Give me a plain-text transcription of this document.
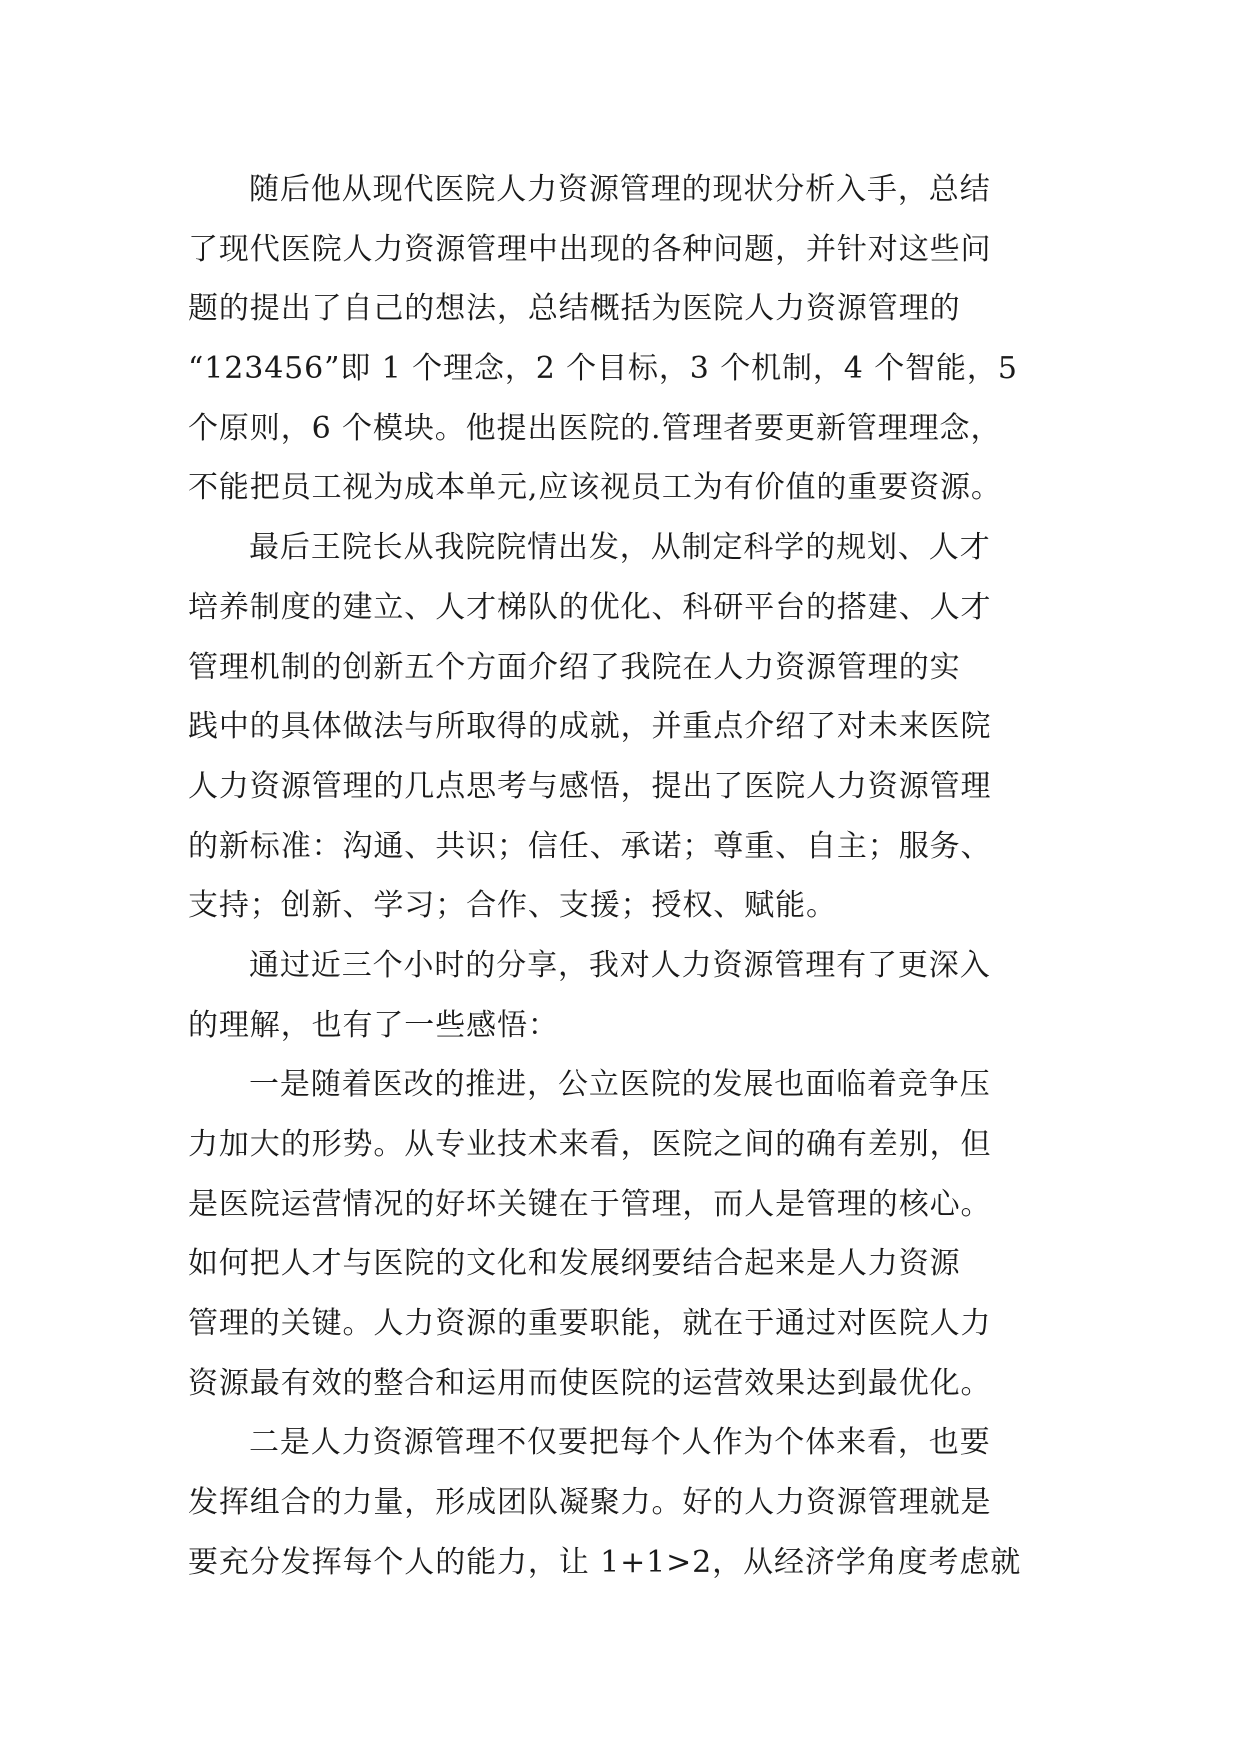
随后他从现代医院人力资源管理的现状分析入手，总结
了现代医院人力资源管理中出现的各种问题，并针对这些问
题的提出了自己的想法，总结概括为医院人力资源管理的
“123456”即 1 个理念，2 个目标，3 个机制，4 个智能，5
个原则，6 个模块。他提出医院的.管理者要更新管理理念，
不能把员工视为成本单元,应该视员工为有价值的重要资源。
最后王院长从我院院情出发，从制定科学的规划、人才
培养制度的建立、人才梯队的优化、科研平台的搭建、人才
管理机制的创新五个方面介绍了我院在人力资源管理的实
践中的具体做法与所取得的成就，并重点介绍了对未来医院
人力资源管理的几点思考与感悟，提出了医院人力资源管理
的新标准：沟通、共识；信任、承诺；尊重、自主；服务、
支持；创新、学习；合作、支援；授权、赋能。
通过近三个小时的分享，我对人力资源管理有了更深入
的理解，也有了一些感悟：
一是随着医改的推进，公立医院的发展也面临着竞争压
力加大的形势。从专业技术来看，医院之间的确有差别，但
是医院运营情况的好坏关键在于管理，而人是管理的核心。
如何把人才与医院的文化和发展纲要结合起来是人力资源
管理的关键。人力资源的重要职能，就在于通过对医院人力
资源最有效的整合和运用而使医院的运营效果达到最优化。
二是人力资源管理不仅要把每个人作为个体来看，也要
发挥组合的力量，形成团队凝聚力。好的人力资源管理就是
要充分发挥每个人的能力，让 1+1>2，从经济学角度考虑就
